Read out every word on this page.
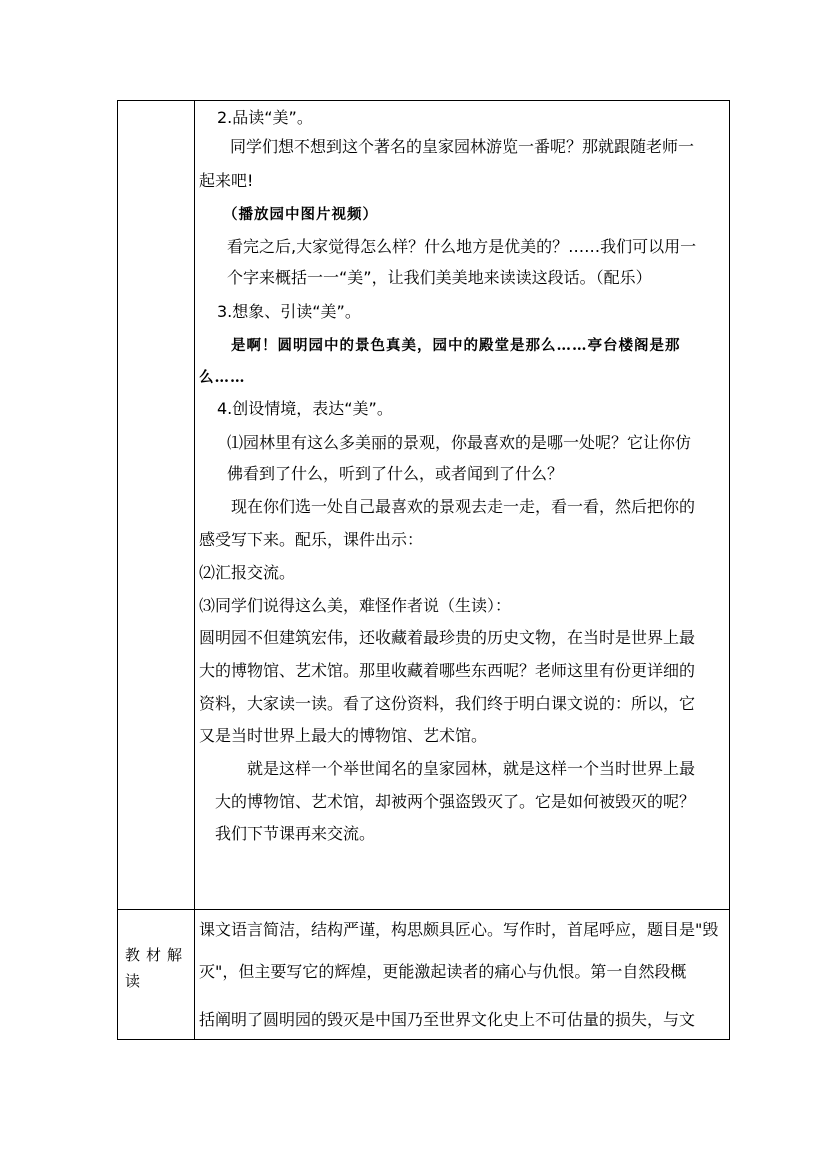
2.品读“美”。
同学们想不想到这个著名的皇家园林游览一番呢？那就跟随老师一
起来吧!
（播放园中图片视频）
看完之后,大家觉得怎么样？什么地方是优美的？……我们可以用一
个字来概括一一“美”，让我们美美地来读读这段话。（配乐）
3.想象、引读“美”。
是啊！圆明园中的景色真美，园中的殿堂是那么……亭台楼阁是那
么……
4.创设情境，表达“美”。
⑴园林里有这么多美丽的景观，你最喜欢的是哪一处呢？它让你仿
佛看到了什么，听到了什么，或者闻到了什么？
现在你们选一处自己最喜欢的景观去走一走，看一看，然后把你的
感受写下来。配乐，课件出示：
⑵汇报交流。
⑶同学们说得这么美，难怪作者说（生读）：
圆明园不但建筑宏伟，还收藏着最珍贵的历史文物，在当时是世界上最
大的博物馆、艺术馆。那里收藏着哪些东西呢？老师这里有份更详细的
资料，大家读一读。看了这份资料，我们终于明白课文说的：所以，它
又是当时世界上最大的博物馆、艺术馆。
就是这样一个举世闻名的皇家园林，就是这样一个当时世界上最
大的博物馆、艺术馆，却被两个强盗毁灭了。它是如何被毁灭的呢？
我们下节课再来交流。
教材解
读
课文语言简洁，结构严谨，构思颇具匠心。写作时，首尾呼应，题目是"毁
灭"，但主要写它的辉煌，更能激起读者的痛心与仇恨。第一自然段概
括阐明了圆明园的毁灭是中国乃至世界文化史上不可估量的损失，与文
